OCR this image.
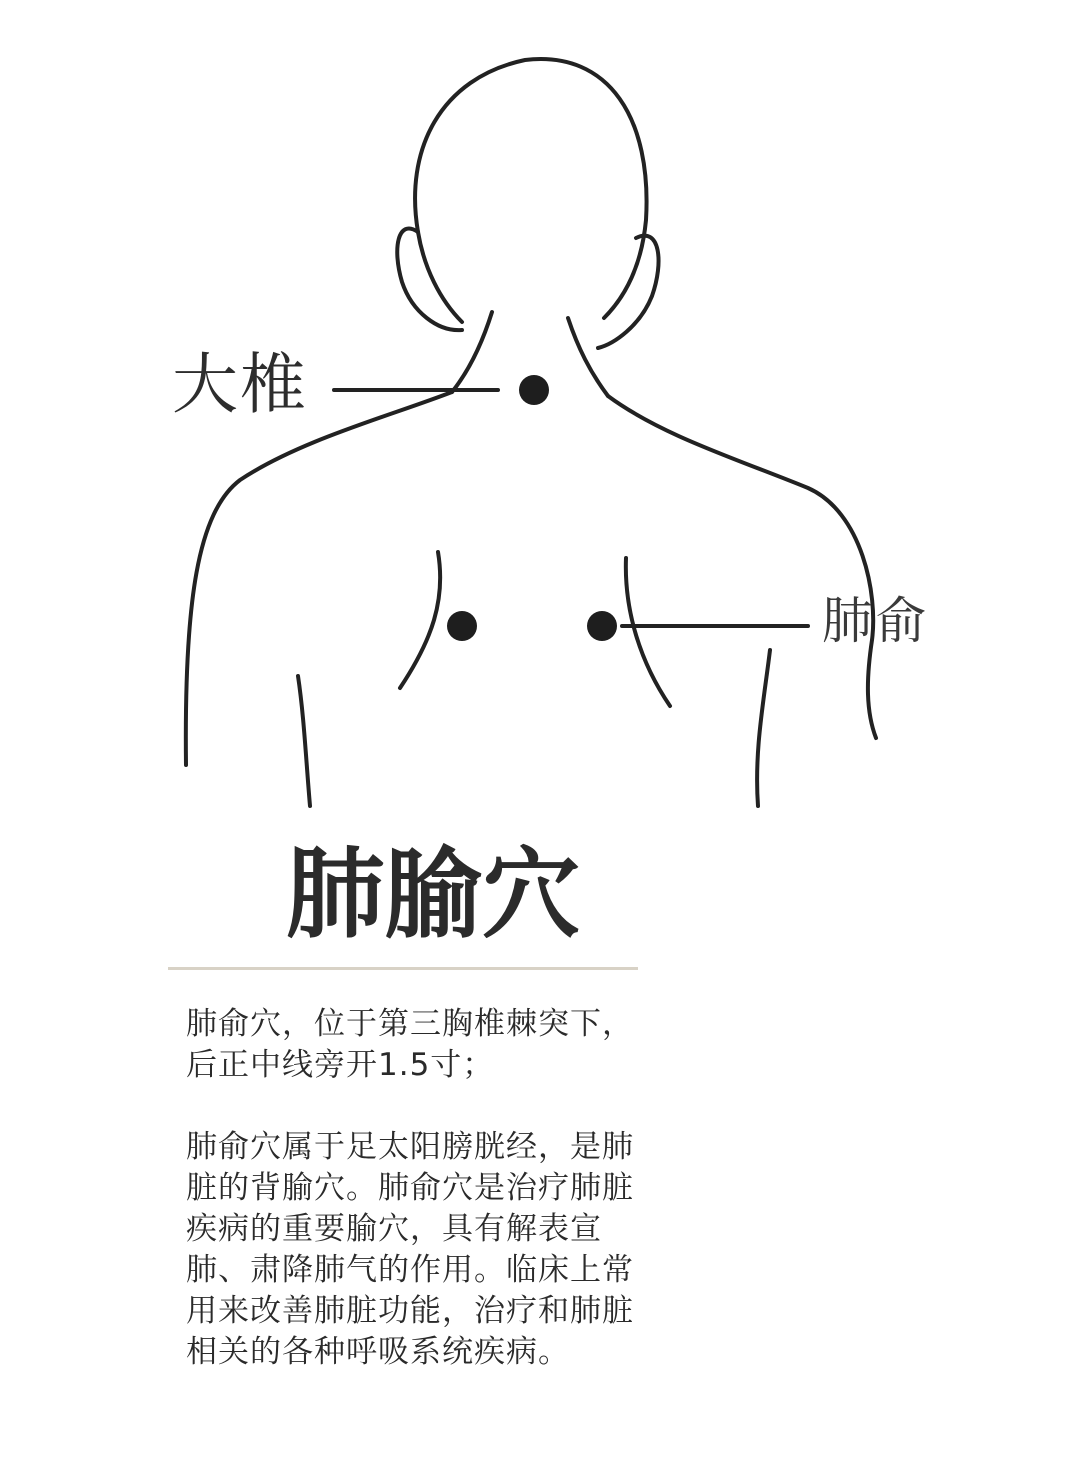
大椎
肺俞
肺腧穴

肺俞穴，位于第三胸椎棘突下，
后正中线旁开1.5寸；

肺俞穴属于足太阳膀胱经，是肺
脏的背腧穴。肺俞穴是治疗肺脏
疾病的重要腧穴，具有解表宣
肺、肃降肺气的作用。临床上常
用来改善肺脏功能，治疗和肺脏
相关的各种呼吸系统疾病。
